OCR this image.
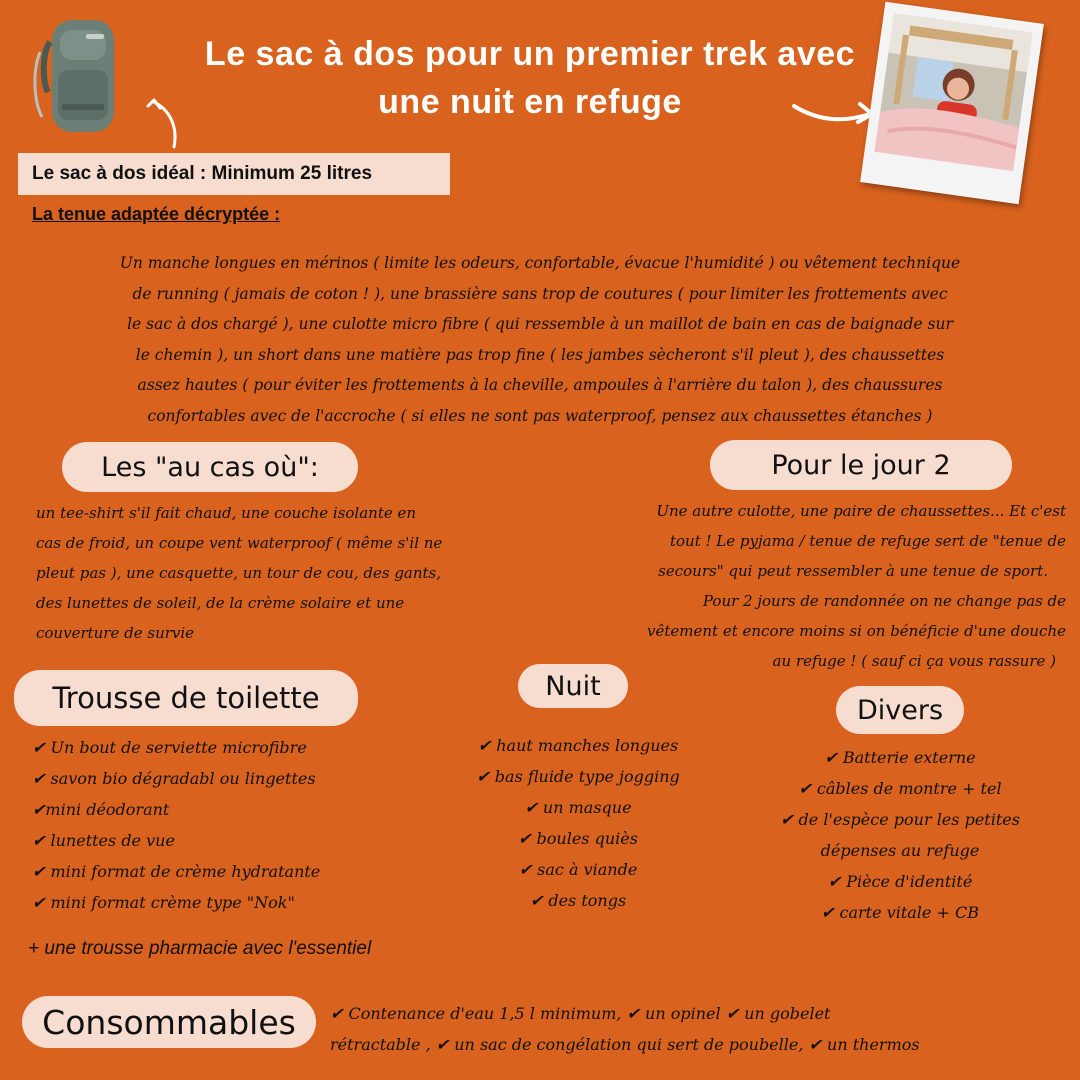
Le sac à dos pour un premier trek avec
une nuit en refuge
Le sac à dos idéal : Minimum 25 litres
La tenue adaptée décryptée :
Un manche longues en mérinos ( limite les odeurs, confortable, évacue l'humidité ) ou vêtement technique
de running ( jamais de coton ! ), une brassière sans trop de coutures ( pour limiter les frottements avec
le sac à dos chargé ), une culotte micro fibre ( qui ressemble à un maillot de bain en cas de baignade sur
le chemin ), un short dans une matière pas trop fine ( les jambes sècheront s'il pleut ), des chaussettes
assez hautes ( pour éviter les frottements à la cheville, ampoules à l'arrière du talon ), des chaussures
confortables avec de l'accroche ( si elles ne sont pas waterproof, pensez aux chaussettes étanches )
Les "au cas où":
un tee-shirt s'il fait chaud, une couche isolante en
cas de froid, un coupe vent waterproof ( même s'il ne
pleut pas ), une casquette, un tour de cou, des gants,
des lunettes de soleil, de la crème solaire et une
couverture de survie
Pour le jour 2
Une autre culotte, une paire de chaussettes... Et c'est
tout ! Le pyjama / tenue de refuge sert de "tenue de
secours" qui peut ressembler à une tenue de sport.
Pour 2 jours de randonnée on ne change pas de
vêtement et encore moins si on bénéficie d'une douche
au refuge ! ( sauf ci ça vous rassure )
Trousse de toilette
✔ Un bout de serviette microfibre
✔ savon bio dégradabl ou lingettes
✔mini déodorant
✔ lunettes de vue
✔ mini format de crème hydratante
✔ mini format crème type "Nok"
+ une trousse pharmacie avec l'essentiel
Nuit
✔ haut manches longues
✔ bas fluide type jogging
✔ un masque
✔ boules quiès
✔ sac à viande
✔ des tongs
Divers
✔ Batterie externe
✔ câbles de montre + tel
✔ de l'espèce pour les petites
dépenses au refuge
✔ Pièce d'identité
✔ carte vitale + CB
Consommables ✔ Contenance d'eau 1,5 l minimum, ✔ un opinel ✔ un gobelet
rétractable , ✔ un sac de congélation qui sert de poubelle, ✔ un thermos
